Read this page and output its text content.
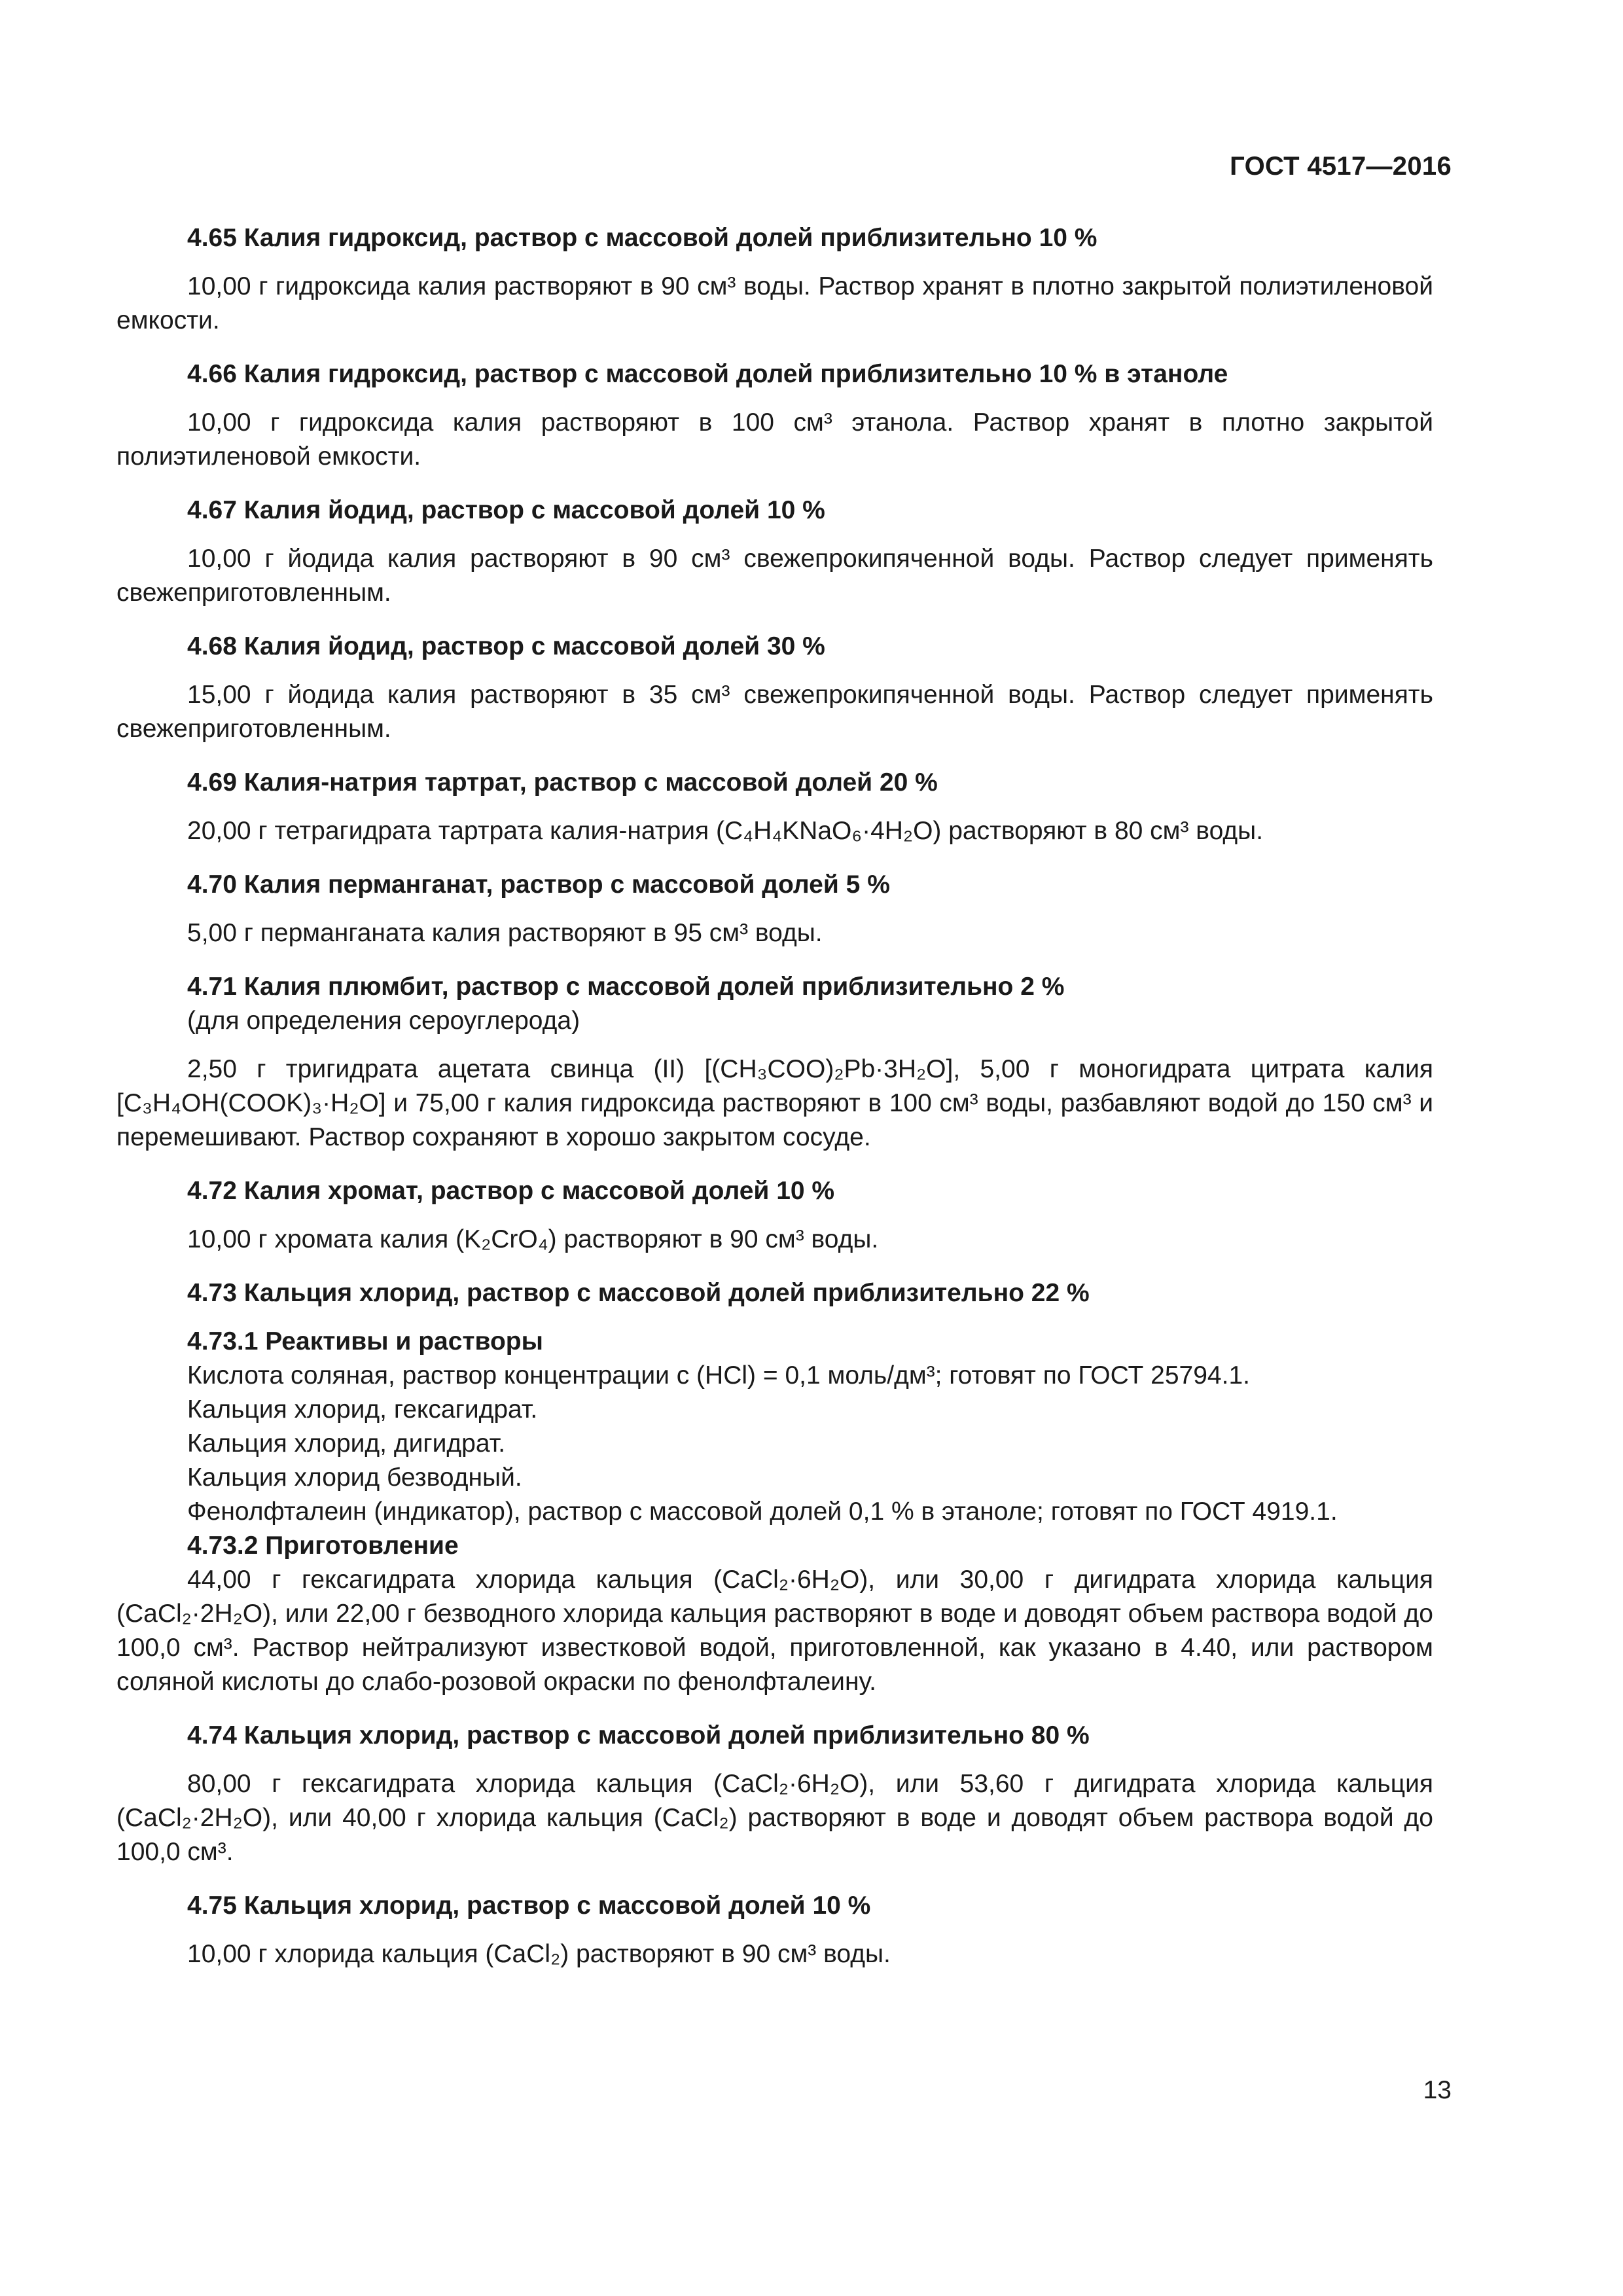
ГОСТ 4517—2016

4.65 Калия гидроксид, раствор с массовой долей приблизительно 10 %

10,00 г гидроксида калия растворяют в 90 см³ воды. Раствор хранят в плотно закрытой полиэтиленовой емкости.

4.66 Калия гидроксид, раствор с массовой долей приблизительно 10 % в этаноле

10,00 г гидроксида калия растворяют в 100 см³ этанола. Раствор хранят в плотно закрытой полиэтиленовой емкости.

4.67 Калия йодид, раствор с массовой долей 10 %

10,00 г йодида калия растворяют в 90 см³ свежепрокипяченной воды. Раствор следует применять свежеприготовленным.

4.68 Калия йодид, раствор с массовой долей 30 %

15,00 г йодида калия растворяют в 35 см³ свежепрокипяченной воды. Раствор следует применять свежеприготовленным.

4.69 Калия-натрия тартрат, раствор с массовой долей 20 %

20,00 г тетрагидрата тартрата калия-натрия (C₄H₄KNaO₆·4H₂O) растворяют в 80 см³ воды.

4.70 Калия перманганат, раствор с массовой долей 5 %

5,00 г перманганата калия растворяют в 95 см³ воды.

4.71 Калия плюмбит, раствор с массовой долей приблизительно 2 %

(для определения сероуглерода)

2,50 г тригидрата ацетата свинца (II) [(CH₃COO)₂Pb·3H₂O], 5,00 г моногидрата цитрата калия [C₃H₄OH(COOK)₃·H₂O] и 75,00 г калия гидроксида растворяют в 100 см³ воды, разбавляют водой до 150 см³ и перемешивают. Раствор сохраняют в хорошо закрытом сосуде.

4.72 Калия хромат, раствор с массовой долей 10 %

10,00 г хромата калия (K₂CrO₄) растворяют в 90 см³ воды.

4.73 Кальция хлорид, раствор с массовой долей приблизительно 22 %

4.73.1 Реактивы и растворы

Кислота соляная, раствор концентрации c (HCl) = 0,1 моль/дм³; готовят по ГОСТ 25794.1.

Кальция хлорид, гексагидрат.

Кальция хлорид, дигидрат.

Кальция хлорид безводный.

Фенолфталеин (индикатор), раствор с массовой долей 0,1 % в этаноле; готовят по ГОСТ 4919.1.

4.73.2 Приготовление

44,00 г гексагидрата хлорида кальция (CaCl₂·6H₂O), или 30,00 г дигидрата хлорида кальция (CaCl₂·2H₂O), или 22,00 г безводного хлорида кальция растворяют в воде и доводят объем раствора водой до 100,0 см³. Раствор нейтрализуют известковой водой, приготовленной, как указано в 4.40, или раствором соляной кислоты до слабо-розовой окраски по фенолфталеину.

4.74 Кальция хлорид, раствор с массовой долей приблизительно 80 %

80,00 г гексагидрата хлорида кальция (CaCl₂·6H₂O), или 53,60 г дигидрата хлорида кальция (CaCl₂·2H₂O), или 40,00 г хлорида кальция (CaCl₂) растворяют в воде и доводят объем раствора водой до 100,0 см³.

4.75 Кальция хлорид, раствор с массовой долей 10 %

10,00 г хлорида кальция (CaCl₂) растворяют в 90 см³ воды.

13
